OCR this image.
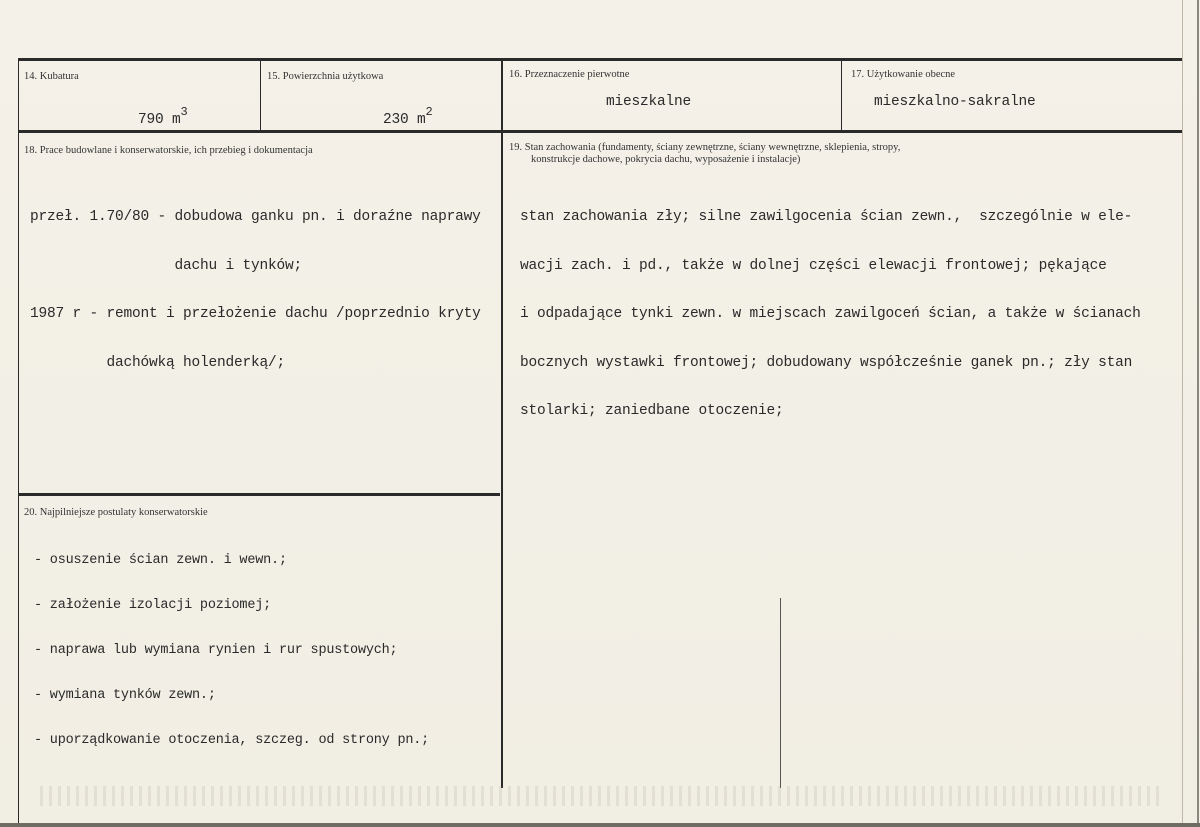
14. Kubatura

790 $m^3$

15. Powierzchnia użytkowa

230 $m^2$

16. Przeznaczenie pierwotne
mieszkalne
17. Użytkowanie obecne
mieszkalno-sakralne
18. Prace budowlane i konserwatorskie, ich przebieg i dokumentacja

przeł. 1.70/80 - dobudowa ganku pn. i doraźne naprawy

dachu i tynków;

1987 r - remont i przełożenie dachu /poprzednio kryty

dachówką holenderką/;

19. Stan zachowania (fundamenty, ściany zewnętrzne, ściany wewnętrzne, sklepienia, stropy,
konstrukcje dachowe, pokrycia dachu, wyposażenie i instalacje)

stan zachowania zły; silne zawilgocenia ścian zewn.,  szczególnie w ele-

wacji zach. i pd., także w dolnej części elewacji frontowej; pękające

i odpadające tynki zewn. w miejscach zawilgoceń ścian, a także w ścianach

bocznych wystawki frontowej; dobudowany współcześnie ganek pn.; zły stan

stolarki; zaniedbane otoczenie;

20. Najpilniejsze postulaty konserwatorskie

- osuszenie ścian zewn. i wewn.;

- założenie izolacji poziomej;

- naprawa lub wymiana rynien i rur spustowych;

- wymiana tynków zewn.;

- uporządkowanie otoczenia, szczeg. od strony pn.;
